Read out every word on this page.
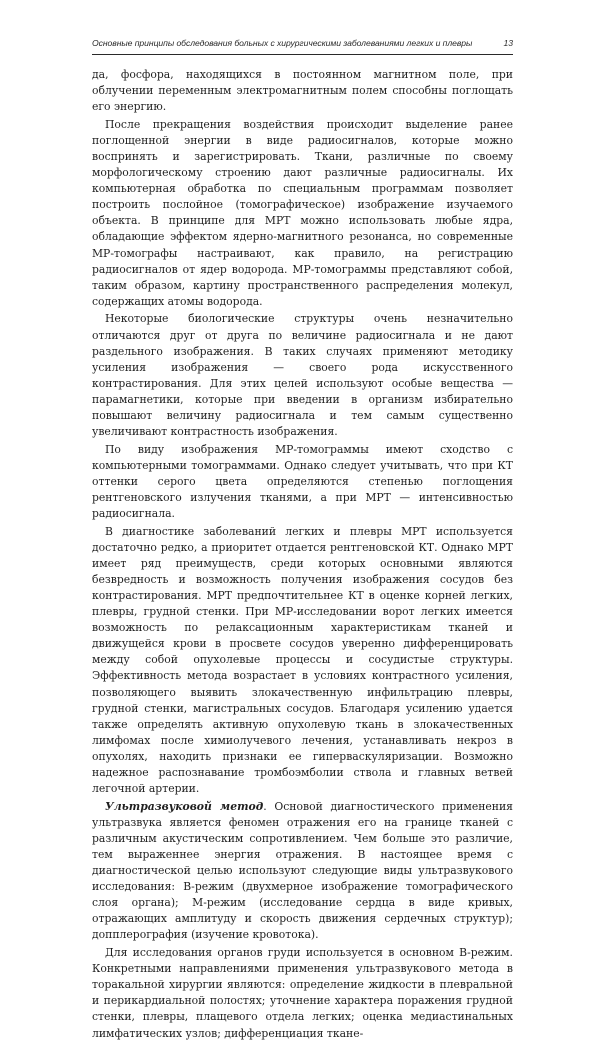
Основные принципы обследования больных с хирургическими заболеваниями легких и плевры	13

да, фосфора, находящихся в постоянном магнитном поле, при облучении переменным электромагнитным полем способны поглощать его энергию.

После прекращения воздействия происходит выделение ранее поглощенной энергии в виде радиосигналов, которые можно воспринять и зарегистрировать. Ткани, различные по своему морфологическому строению дают различные радиосигналы. Их компьютерная обработка по специальным программам позволяет построить послойное (томографическое) изображение изучаемого объекта. В принципе для МРТ можно использовать любые ядра, обладающие эффектом ядерно-магнитного резонанса, но современные МР-томографы настраивают, как правило, на регистрацию радиосигналов от ядер водорода. МР-томограммы представляют собой, таким образом, картину пространственного распределения молекул, содержащих атомы водорода.

Некоторые биологические структуры очень незначительно отличаются друг от друга по величине радиосигнала и не дают раздельного изображения. В таких случаях применяют методику усиления изображения — своего рода искусственного контрастирования. Для этих целей используют особые вещества — парамагнетики, которые при введении в организм избирательно повышают величину радиосигнала и тем самым существенно увеличивают контрастность изображения.

По виду изображения МР-томограммы имеют сходство с компьютерными томограммами. Однако следует учитывать, что при КТ оттенки серого цвета определяются степенью поглощения рентгеновского излучения тканями, а при МРТ — интенсивностью радиосигнала.

В диагностике заболеваний легких и плевры МРТ используется достаточно редко, а приоритет отдается рентгеновской КТ. Однако МРТ имеет ряд преимуществ, среди которых основными являются безвредность и возможность получения изображения сосудов без контрастирования. МРТ предпочтительнее КТ в оценке корней легких, плевры, грудной стенки. При МР-исследовании ворот легких имеется возможность по релаксационным характеристикам тканей и движущейся крови в просвете сосудов уверенно дифференцировать между собой опухолевые процессы и сосудистые структуры. Эффективность метода возрастает в условиях контрастного усиления, позволяющего выявить злокачественную инфильтрацию плевры, грудной стенки, магистральных сосудов. Благодаря усилению удается также определять активную опухолевую ткань в злокачественных лимфомах после химиолучевого лечения, устанавливать некроз в опухолях, находить признаки ее гиперваскуляризации. Возможно надежное распознавание тромбоэмболии ствола и главных ветвей легочной артерии.

Ультразвуковой метод. Основой диагностического применения ультразвука является феномен отражения его на границе тканей с различным акустическим сопротивлением. Чем больше это различие, тем выраженнее энергия отражения. В настоящее время с диагностической целью используют следующие виды ультразвукового исследования: В-режим (двухмерное изображение томографического слоя органа); М-режим (исследование сердца в виде кривых, отражающих амплитуду и скорость движения сердечных структур); допплерография (изучение кровотока).

Для исследования органов груди используется в основном В-режим. Конкретными направлениями применения ультразвукового метода в торакальной хирургии являются: определение жидкости в плевральной и перикардиальной полостях; уточнение характера поражения грудной стенки, плевры, плащевого отдела легких; оценка медиастинальных лимфатических узлов; дифференциация ткане-
